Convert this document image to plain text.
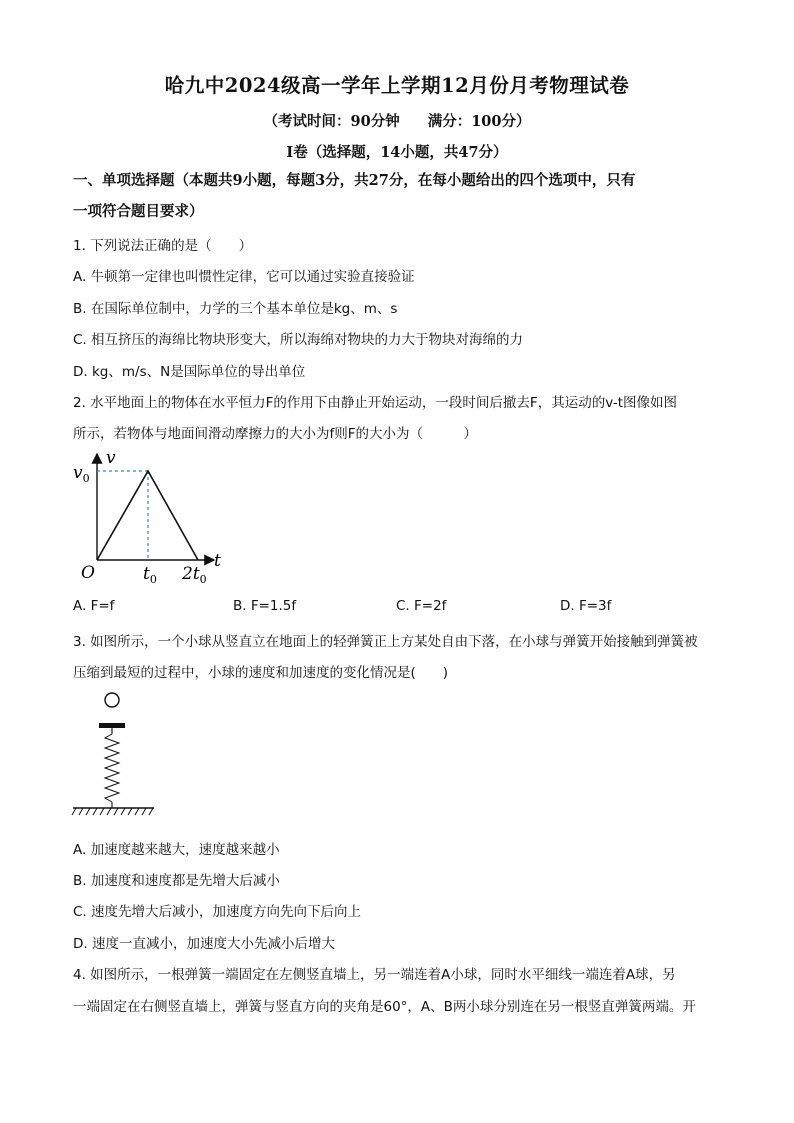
哈九中2024级高一学年上学期12月份月考物理试卷
（考试时间：90分钟 满分：100分）
I卷（选择题，14小题，共47分）
一、单项选择题（本题共9小题，每题3分，共27分，在每小题给出的四个选项中，只有
一项符合题目要求）
1. 下列说法正确的是（　　）
A. 牛顿第一定律也叫惯性定律，它可以通过实验直接验证
B. 在国际单位制中，力学的三个基本单位是kg、m、s
C. 相互挤压的海绵比物块形变大，所以海绵对物块的力大于物块对海绵的力
D. kg、m/s、N是国际单位的导出单位
2. 水平地面上的物体在水平恒力F的作用下由静止开始运动，一段时间后撤去F，其运动的v-t图像如图
所示，若物体与地面间滑动摩擦力的大小为f则F的大小为（　　　）
v
t
O
$v_0$
$t_0$ $2t_0$
A. F=f	B. F=1.5f	C. F=2f	D. F=3f
3. 如图所示，一个小球从竖直立在地面上的轻弹簧正上方某处自由下落，在小球与弹簧开始接触到弹簧被
压缩到最短的过程中，小球的速度和加速度的变化情况是(　　)
A. 加速度越来越大，速度越来越小
B. 加速度和速度都是先增大后减小
C. 速度先增大后减小，加速度方向先向下后向上
D. 速度一直减小，加速度大小先减小后增大
4. 如图所示，一根弹簧一端固定在左侧竖直墙上，另一端连着A小球，同时水平细线一端连着A球，另
一端固定在右侧竖直墙上，弹簧与竖直方向的夹角是60°，A、B两小球分别连在另一根竖直弹簧两端。开
